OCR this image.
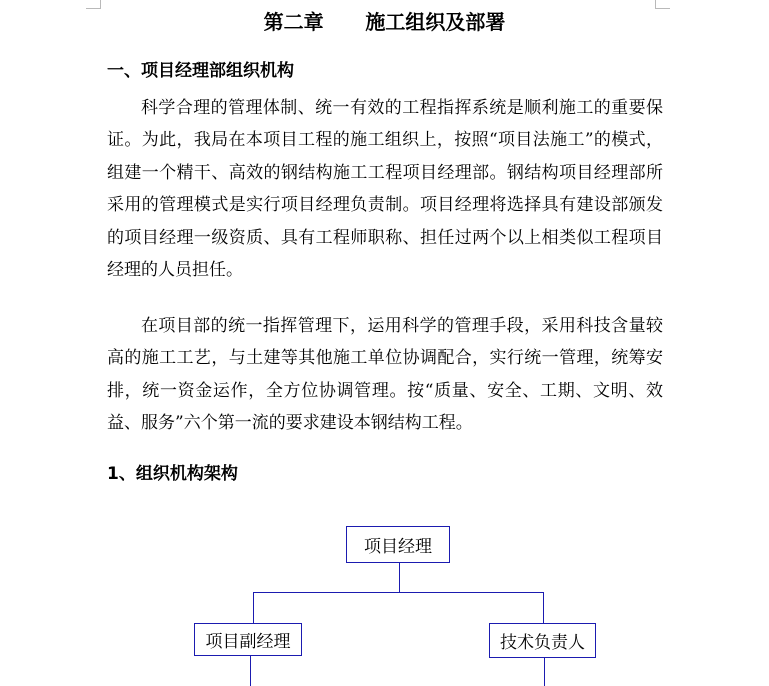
第二章      施工组织及部署
一、项目经理部组织机构

科学合理的管理体制、统一有效的工程指挥系统是顺利施工的重要保证。为此，我局在本项目工程的施工组织上，按照“项目法施工”的模式，组建一个精干、高效的钢结构施工工程项目经理部。钢结构项目经理部所采用的管理模式是实行项目经理负责制。项目经理将选择具有建设部颁发的项目经理一级资质、具有工程师职称、担任过两个以上相类似工程项目经理的人员担任。

在项目部的统一指挥管理下，运用科学的管理手段，采用科技含量较高的施工工艺，与土建等其他施工单位协调配合，实行统一管理，统筹安排，统一资金运作，全方位协调管理。按“质量、安全、工期、文明、效益、服务”六个第一流的要求建设本钢结构工程。

1、组织机构架构
项目经理
项目副经理	技术负责人
